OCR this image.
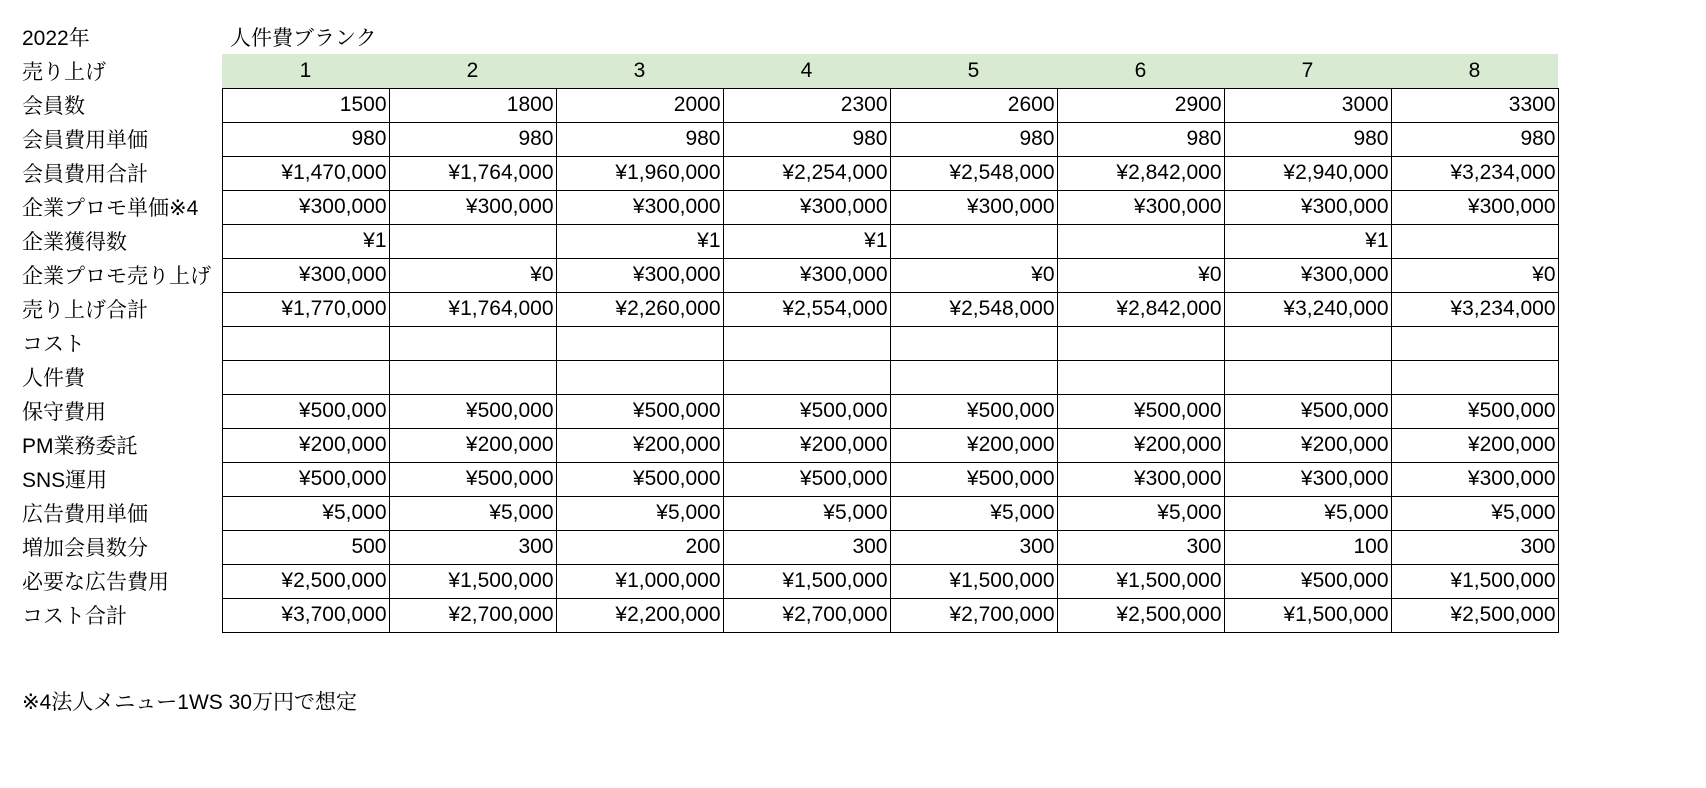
2022年	人件費ブランク							
売り上げ	1	2	3	4	5	6	7	8
会員数	1500	1800	2000	2300	2600	2900	3000	3300
会員費用単価	980	980	980	980	980	980	980	980
会員費用合計	¥1,470,000	¥1,764,000	¥1,960,000	¥2,254,000	¥2,548,000	¥2,842,000	¥2,940,000	¥3,234,000
企業プロモ単価※4	¥300,000	¥300,000	¥300,000	¥300,000	¥300,000	¥300,000	¥300,000	¥300,000
企業獲得数	¥1		¥1	¥1			¥1	
企業プロモ売り上げ	¥300,000	¥0	¥300,000	¥300,000	¥0	¥0	¥300,000	¥0
売り上げ合計	¥1,770,000	¥1,764,000	¥2,260,000	¥2,554,000	¥2,548,000	¥2,842,000	¥3,240,000	¥3,234,000
コスト								
人件費								
保守費用	¥500,000	¥500,000	¥500,000	¥500,000	¥500,000	¥500,000	¥500,000	¥500,000
PM業務委託	¥200,000	¥200,000	¥200,000	¥200,000	¥200,000	¥200,000	¥200,000	¥200,000
SNS運用	¥500,000	¥500,000	¥500,000	¥500,000	¥500,000	¥300,000	¥300,000	¥300,000
広告費用単価	¥5,000	¥5,000	¥5,000	¥5,000	¥5,000	¥5,000	¥5,000	¥5,000
増加会員数分	500	300	200	300	300	300	100	300
必要な広告費用	¥2,500,000	¥1,500,000	¥1,000,000	¥1,500,000	¥1,500,000	¥1,500,000	¥500,000	¥1,500,000
コスト合計	¥3,700,000	¥2,700,000	¥2,200,000	¥2,700,000	¥2,700,000	¥2,500,000	¥1,500,000	¥2,500,000
※4法人メニュー1WS 30万円で想定
